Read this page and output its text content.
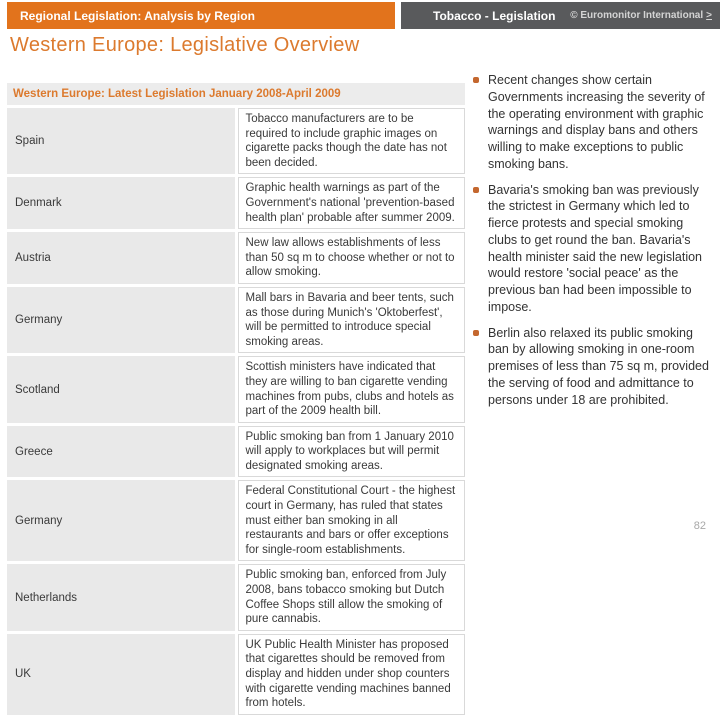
Regional Legislation: Analysis by Region	Tobacco - Legislation © Euromonitor International >
Western Europe: Legislative Overview
Western Europe: Latest Legislation January 2008-April 2009	
Spain	Tobacco manufacturers are to be required to include graphic images on cigarette packs though the date has not been decided.
Denmark	Graphic health warnings as part of the Government's national 'prevention-based health plan' probable after summer 2009.
Austria	New law allows establishments of less than 50 sq m to choose whether or not to allow smoking.
Germany	Mall bars in Bavaria and beer tents, such as those during Munich's 'Oktoberfest', will be permitted to introduce special smoking areas.
Scotland	Scottish ministers have indicated that they are willing to ban cigarette vending machines from pubs, clubs and hotels as part of the 2009 health bill.
Greece	Public smoking ban from 1 January 2010 will apply to workplaces but will permit designated smoking areas.
Germany	Federal Constitutional Court - the highest court in Germany, has ruled that states must either ban smoking in all restaurants and bars or offer exceptions for single-room establishments.
Netherlands	Public smoking ban, enforced from July 2008, bans tobacco smoking but Dutch Coffee Shops still allow the smoking of pure cannabis.
UK	UK Public Health Minister has proposed that cigarettes should be removed from display and hidden under shop counters with cigarette vending machines banned from hotels.
Recent changes show certain Governments increasing the severity of the operating environment with graphic warnings and display bans and others willing to make exceptions to public smoking bans.
Bavaria's smoking ban was previously the strictest in Germany which led to fierce protests and special smoking clubs to get round the ban. Bavaria's health minister said the new legislation would restore 'social peace' as the previous ban had been impossible to impose.
Berlin also relaxed its public smoking ban by allowing smoking in one-room premises of less than 75 sq m, provided the serving of food and admittance to persons under 18 are prohibited.
82
